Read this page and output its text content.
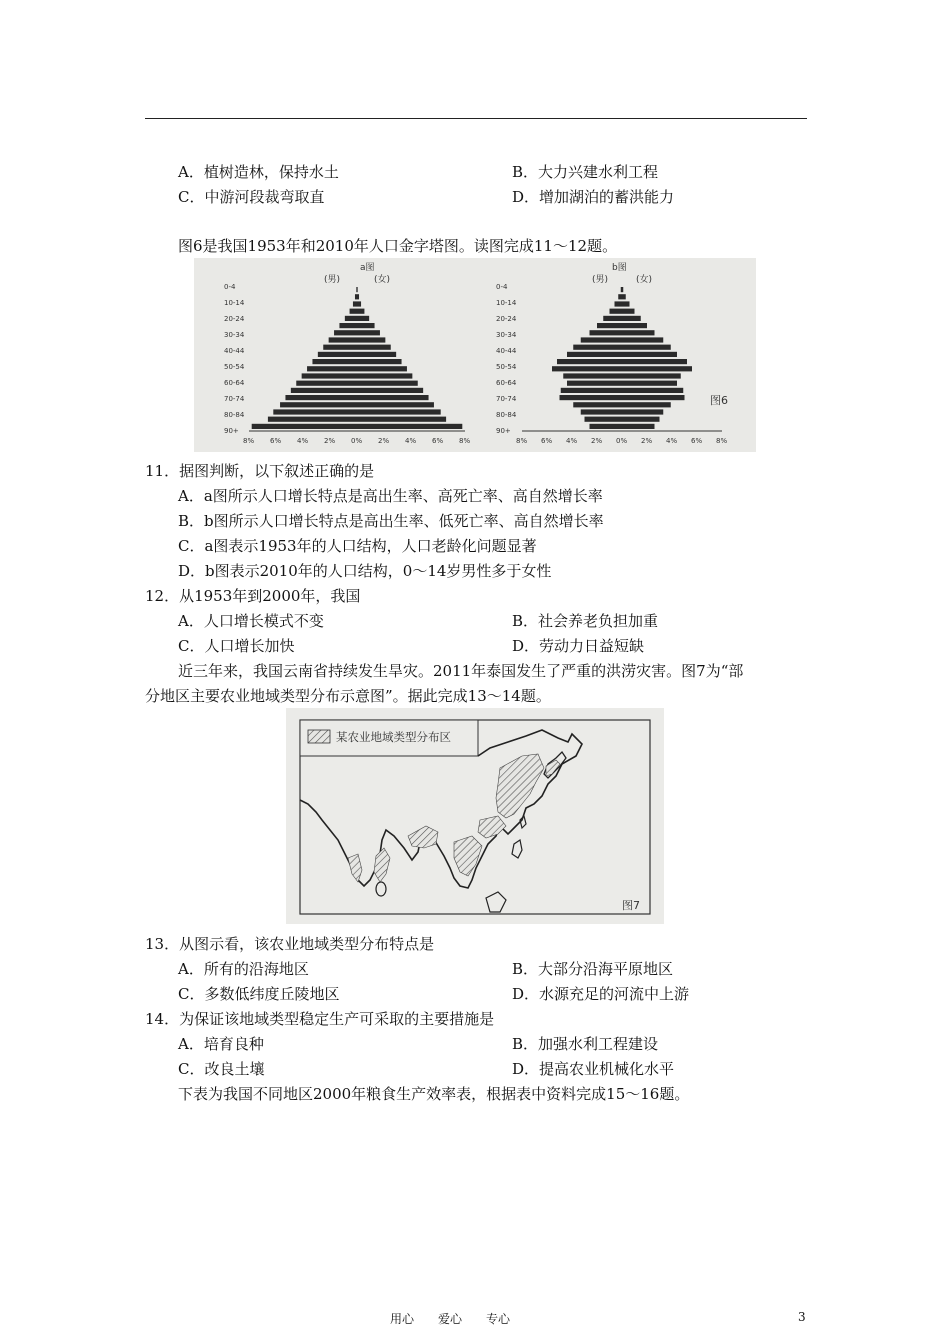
A．植树造林，保持水土	B．大力兴建水利工程
C．中游河段裁弯取直	D．增加湖泊的蓄洪能力
图6是我国1953年和2010年人口金字塔图。读图完成11～12题。
a图
(男)	(女)
90+
80-84
70-74
60-64
50-54
40-44
30-34
20-24
10-14
0-4
8% 6% 4% 2% 0% 2% 4% 6% 8%
b图
(男)	(女)
90+
80-84
70-74
60-64
50-54
40-44
30-34
20-24
10-14
0-4
8% 6% 4% 2% 0% 2% 4% 6% 8%
图6
11．据图判断，以下叙述正确的是
A．a图所示人口增长特点是高出生率、高死亡率、高自然增长率
B．b图所示人口增长特点是高出生率、低死亡率、高自然增长率
C．a图表示1953年的人口结构，人口老龄化问题显著
D．b图表示2010年的人口结构，0～14岁男性多于女性
12．从1953年到2000年，我国
A．人口增长模式不变	B．社会养老负担加重
C．人口增长加快	D．劳动力日益短缺
近三年来，我国云南省持续发生旱灾。2011年泰国发生了严重的洪涝灾害。图7为“部
分地区主要农业地域类型分布示意图”。据此完成13～14题。
某农业地域类型分布区
图7
13．从图示看，该农业地域类型分布特点是
A．所有的沿海地区	B．大部分沿海平原地区
C．多数低纬度丘陵地区	D．水源充足的河流中上游
14．为保证该地域类型稳定生产可采取的主要措施是
A．培育良种	B．加强水利工程建设
C．改良土壤	D．提高农业机械化水平
下表为我国不同地区2000年粮食生产效率表，根据表中资料完成15～16题。
用心　　爱心　　专心	3
